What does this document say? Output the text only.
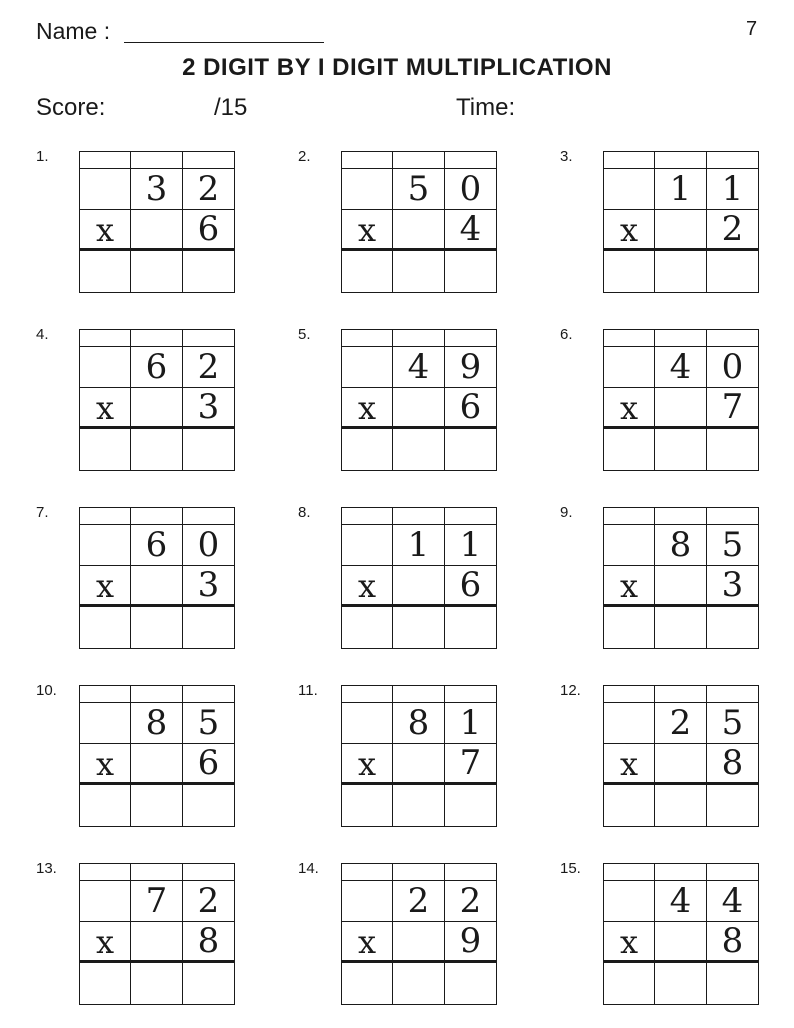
Name :	7
2 DIGIT BY I DIGIT MULTIPLICATION
Score:	/15	Time:
1.
3 2
x	6
2.
5 0
x	4
3.
1 1
x	2
4.
6 2
x	3
5.
4 9
x	6
6.
4 0
x	7
7.
6 0
x	3
8.
1 1
x	6
9.
8 5
x	3
10.
8 5
x	6
11.
8 1
x	7
12.
2 5
x	8
13.
7 2
x	8
14.
2 2
x	9
15.
4 4
x	8
